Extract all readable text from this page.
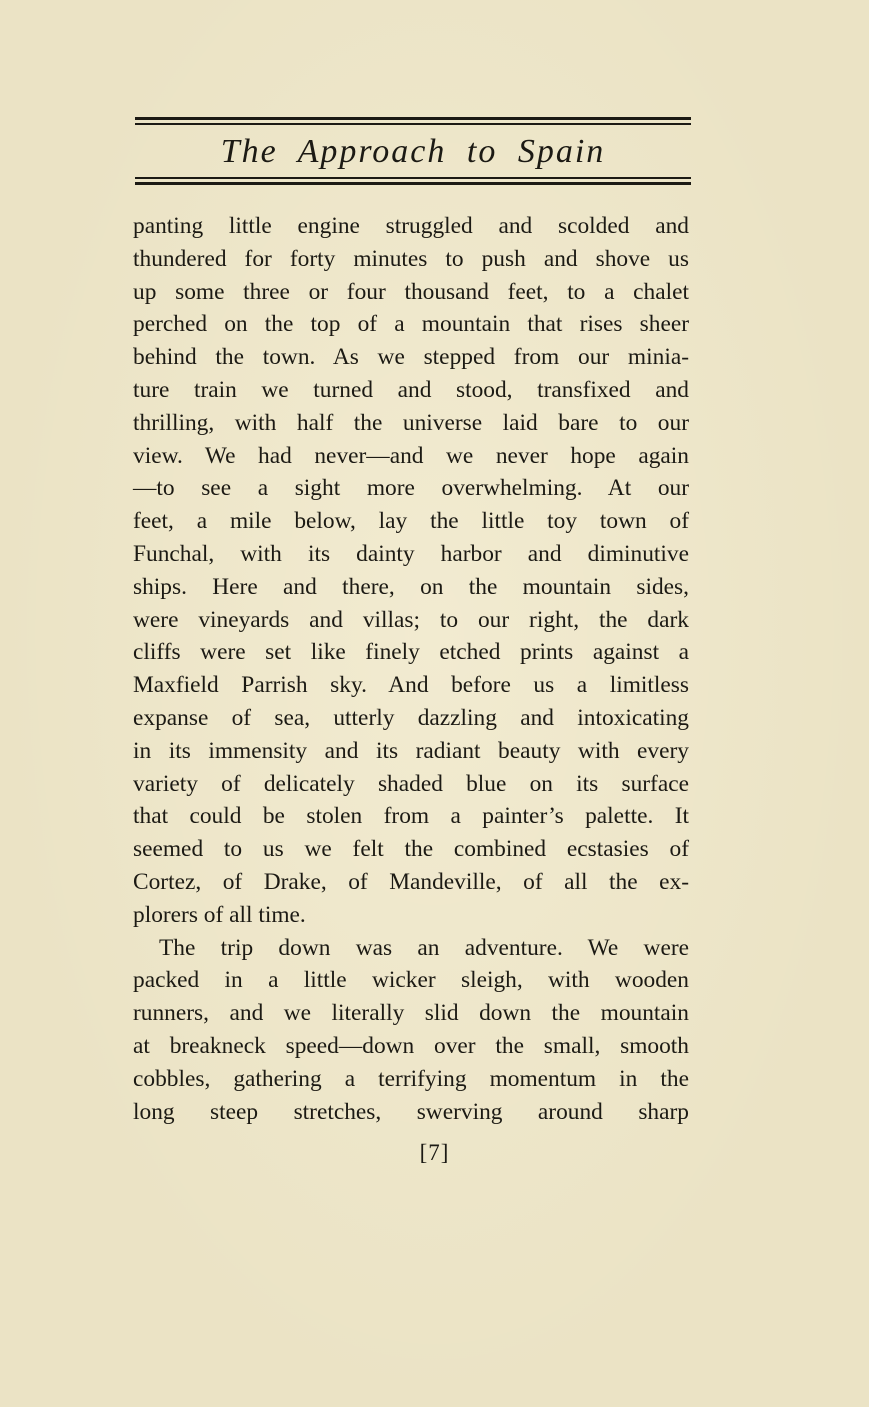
The Approach to Spain
panting little engine struggled and scolded and
thundered for forty minutes to push and shove us
up some three or four thousand feet, to a chalet
perched on the top of a mountain that rises sheer
behind the town. As we stepped from our minia-
ture train we turned and stood, transfixed and
thrilling, with half the universe laid bare to our
view. We had never—and we never hope again
—to see a sight more overwhelming. At our
feet, a mile below, lay the little toy town of
Funchal, with its dainty harbor and diminutive
ships. Here and there, on the mountain sides,
were vineyards and villas; to our right, the dark
cliffs were set like finely etched prints against a
Maxfield Parrish sky. And before us a limitless
expanse of sea, utterly dazzling and intoxicating
in its immensity and its radiant beauty with every
variety of delicately shaded blue on its surface
that could be stolen from a painter’s palette. It
seemed to us we felt the combined ecstasies of
Cortez, of Drake, of Mandeville, of all the ex-
plorers of all time.
The trip down was an adventure. We were
packed in a little wicker sleigh, with wooden
runners, and we literally slid down the mountain
at breakneck speed—down over the small, smooth
cobbles, gathering a terrifying momentum in the
long steep stretches, swerving around sharp
[7]
